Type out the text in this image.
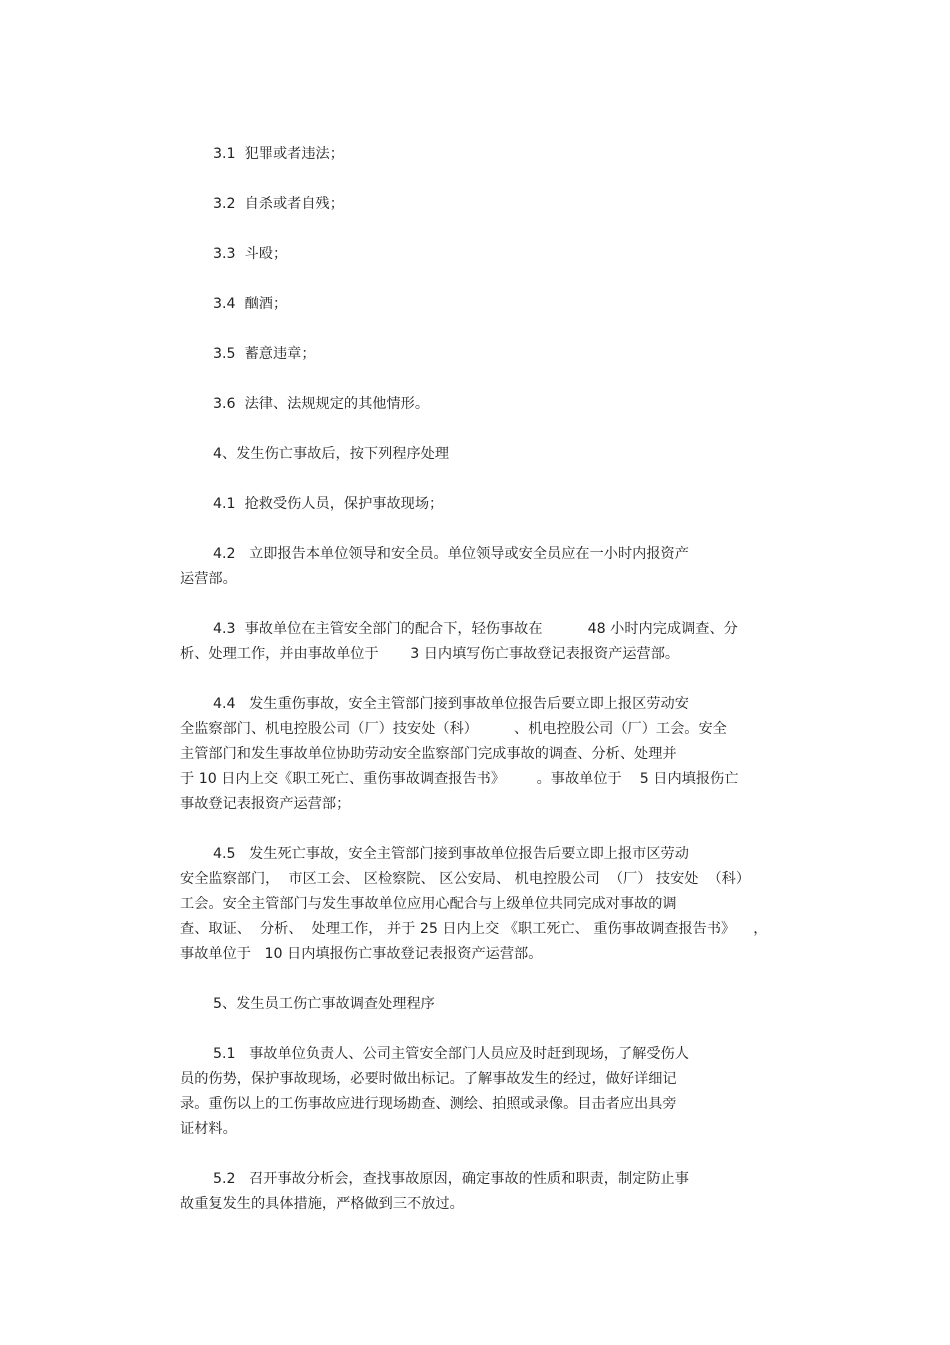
3.1  犯罪或者违法；
3.2  自杀或者自残；
3.3  斗殴；
3.4  酗酒；
3.5  蓄意违章；
3.6  法律、法规规定的其他情形。
4、发生伤亡事故后，按下列程序处理
4.1  抢救受伤人员，保护事故现场；
4.2   立即报告本单位领导和安全员。单位领导或安全员应在一小时内报资产
运营部。
4.3  事故单位在主管安全部门的配合下，轻伤事故在          48 小时内完成调查、分
析、处理工作，并由事故单位于       3 日内填写伤亡事故登记表报资产运营部。
4.4   发生重伤事故，安全主管部门接到事故单位报告后要立即上报区劳动安
全监察部门、机电控股公司（厂）技安处（科）        、机电控股公司（厂）工会。安全
主管部门和发生事故单位协助劳动安全监察部门完成事故的调查、分析、处理并
于 10 日内上交《职工死亡、重伤事故调查报告书》       。事故单位于    5 日内填报伤亡
事故登记表报资产运营部；
4.5   发生死亡事故，安全主管部门接到事故单位报告后要立即上报市区劳动
安全监察部门，  市区工会、 区检察院、 区公安局、 机电控股公司  （厂） 技安处  （科）
工会。安全主管部门与发生事故单位应用心配合与上级单位共同完成对事故的调
查、取证、  分析、  处理工作， 并于 25 日内上交 《职工死亡、 重伤事故调查报告书》    ，
事故单位于   10 日内填报伤亡事故登记表报资产运营部。
5、发生员工伤亡事故调查处理程序
5.1   事故单位负责人、公司主管安全部门人员应及时赶到现场，了解受伤人
员的伤势，保护事故现场，必要时做出标记。了解事故发生的经过，做好详细记
录。重伤以上的工伤事故应进行现场勘查、测绘、拍照或录像。目击者应出具旁
证材料。
5.2   召开事故分析会，查找事故原因，确定事故的性质和职责，制定防止事
故重复发生的具体措施，严格做到三不放过。
